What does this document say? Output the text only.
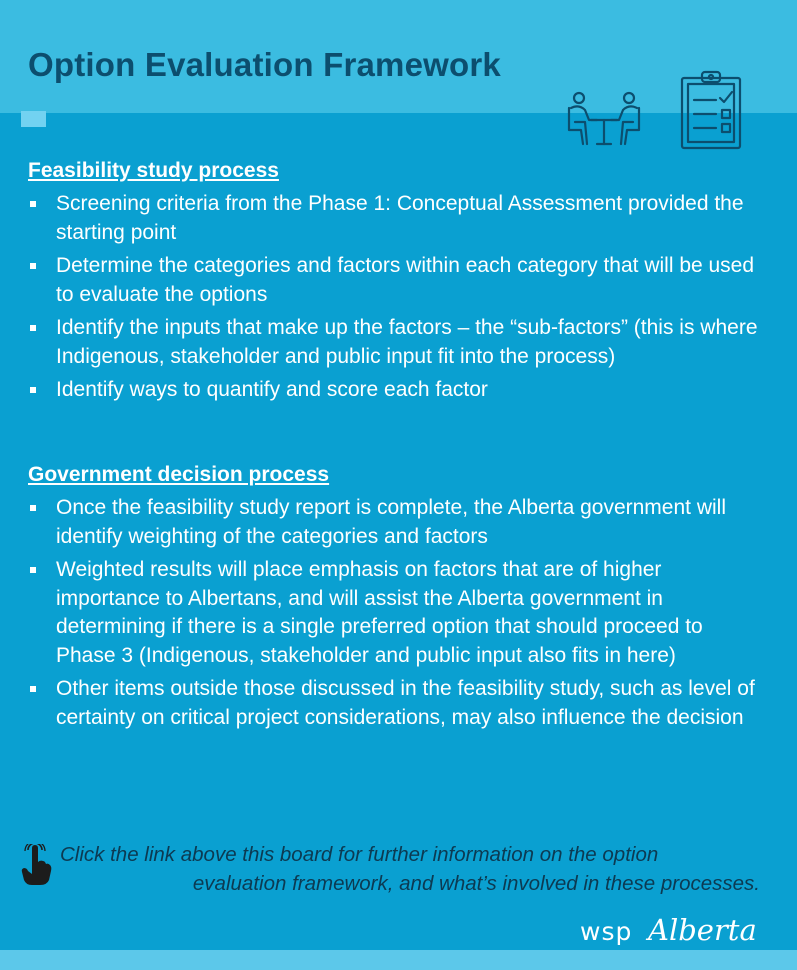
Option Evaluation Framework
Feasibility study process
Screening criteria from the Phase 1: Conceptual Assessment provided the starting point
Determine the categories and factors within each category that will be used to evaluate the options
Identify the inputs that make up the factors – the “sub-factors” (this is where Indigenous, stakeholder and public input fit into the process)
Identify ways to quantify and score each factor
Government decision process
Once the feasibility study report is complete, the Alberta government will identify weighting of the categories and factors
Weighted results will place emphasis on factors that are of higher importance to Albertans, and will assist the Alberta government in determining if there is a single preferred option that should proceed to Phase 3 (Indigenous, stakeholder and public input also fits in here)
Other items outside those discussed in the feasibility study, such as level of certainty on critical project considerations, may also influence the decision
Click the link above this board for further information on the option
evaluation framework, and what’s involved in these processes.
wsp Alberta
